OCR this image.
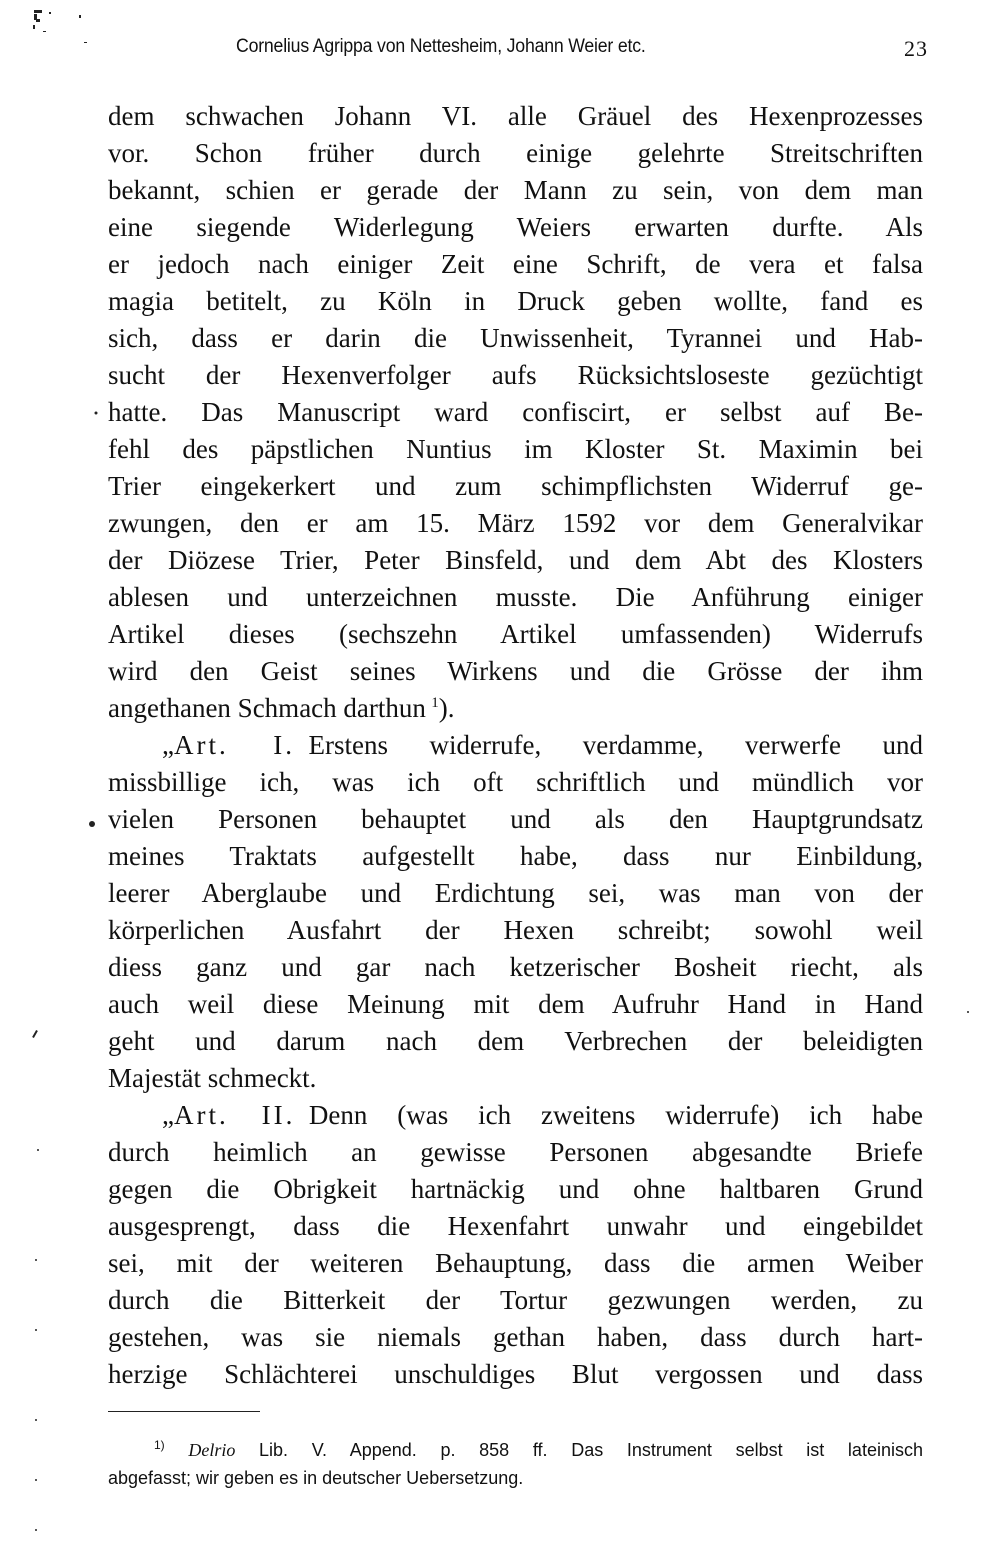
Cornelius Agrippa von Nettesheim, Johann Weier etc.	23
dem schwachen Johann VI. alle Gräuel des Hexenprozesses
vor. Schon früher durch einige gelehrte Streitschriften
bekannt, schien er gerade der Mann zu sein, von dem man
eine siegende Widerlegung Weiers erwarten durfte. Als
er jedoch nach einiger Zeit eine Schrift, de vera et falsa
magia betitelt, zu Köln in Druck geben wollte, fand es
sich, dass er darin die Unwissenheit, Tyrannei und Hab-
sucht der Hexenverfolger aufs Rücksichtsloseste gezüchtigt
hatte. Das Manuscript ward confiscirt, er selbst auf Be-
fehl des päpstlichen Nuntius im Kloster St. Maximin bei
Trier eingekerkert und zum schimpflichsten Widerruf ge-
zwungen, den er am 15. März 1592 vor dem Generalvikar
der Diözese Trier, Peter Binsfeld, und dem Abt des Klosters
ablesen und unterzeichnen musste. Die Anführung einiger
Artikel dieses (sechszehn Artikel umfassenden) Widerrufs
wird den Geist seines Wirkens und die Grösse der ihm
angethanen Schmach darthun  $^1$).
„Art. I.  Erstens widerrufe, verdamme, verwerfe und
missbillige ich, was ich oft schriftlich und mündlich vor
vielen Personen behauptet und als den Hauptgrundsatz
meines Traktats aufgestellt habe, dass nur Einbildung,
leerer Aberglaube und Erdichtung sei, was man von der
körperlichen Ausfahrt der Hexen schreibt; sowohl weil
diess ganz und gar nach ketzerischer Bosheit riecht, als
auch weil diese Meinung mit dem Aufruhr Hand in Hand
geht und darum nach dem Verbrechen der beleidigten
Majestät schmeckt.
„Art. II.  Denn (was ich zweitens widerrufe) ich habe
durch heimlich an gewisse Personen abgesandte Briefe
gegen die Obrigkeit hartnäckig und ohne haltbaren Grund
ausgesprengt, dass die Hexenfahrt unwahr und eingebildet
sei, mit der weiteren Behauptung, dass die armen Weiber
durch die Bitterkeit der Tortur gezwungen werden, zu
gestehen, was sie niemals gethan haben, dass durch hart-
herzige Schlächterei unschuldiges Blut vergossen und dass
$^{1)}$ Delrio Lib. V. Append. p. 858 ff. Das Instrument selbst ist lateinisch
abgefasst; wir geben es in deutscher Uebersetzung.
